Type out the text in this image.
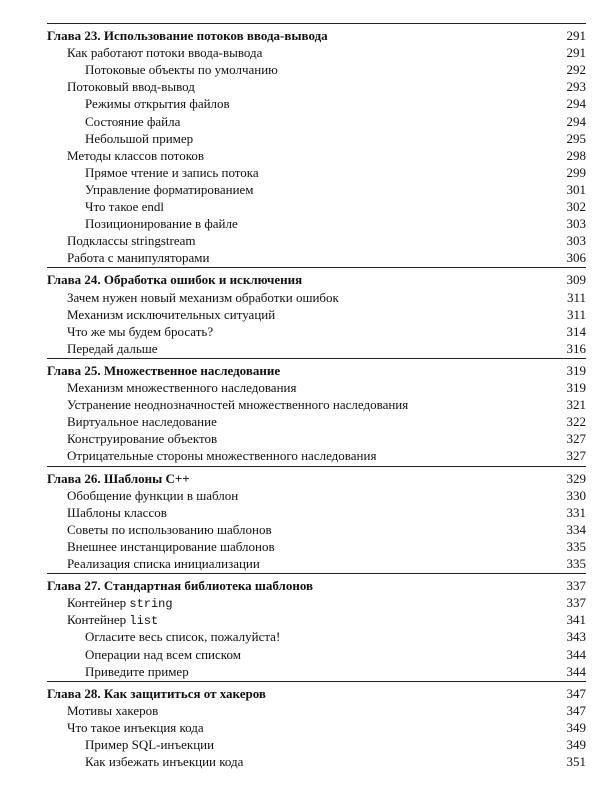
Глава 23. Использование потоков ввода-вывода	291
Как работают потоки ввода-вывода	291
Потоковые объекты по умолчанию	292
Потоковый ввод-вывод	293
Режимы открытия файлов	294
Состояние файла	294
Небольшой пример	295
Методы классов потоков	298
Прямое чтение и запись потока	299
Управление форматированием	301
Что такое endl	302
Позиционирование в файле	303
Подклассы stringstream	303
Работа с манипуляторами	306
Глава 24. Обработка ошибок и исключения	309
Зачем нужен новый механизм обработки ошибок	311
Механизм исключительных ситуаций	311
Что же мы будем бросать?	314
Передай дальше	316
Глава 25. Множественное наследование	319
Механизм множественного наследования	319
Устранение неоднозначностей множественного наследования	321
Виртуальное наследование	322
Конструирование объектов	327
Отрицательные стороны множественного наследования	327
Глава 26. Шаблоны С++	329
Обобщение функции в шаблон	330
Шаблоны классов	331
Советы по использованию шаблонов	334
Внешнее инстанцирование шаблонов	335
Реализация списка инициализации	335
Глава 27. Стандартная библиотека шаблонов	337
Контейнер string	337
Контейнер list	341
Огласите весь список, пожалуйста!	343
Операции над всем списком	344
Приведите пример	344
Глава 28. Как защититься от хакеров	347
Мотивы хакеров	347
Что такое инъекция кода	349
Пример SQL-инъекции	349
Как избежать инъекции кода	351
